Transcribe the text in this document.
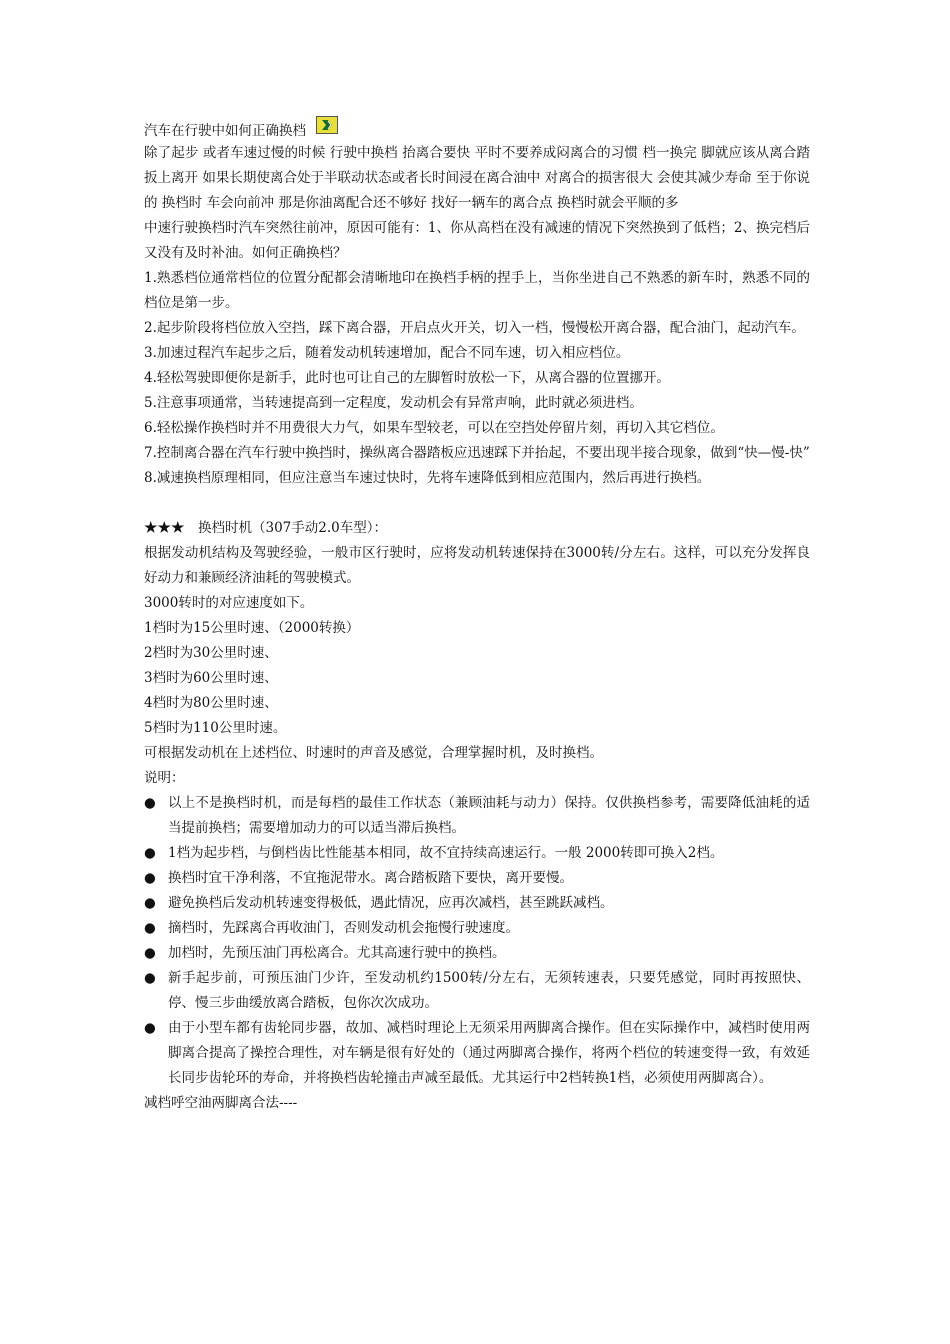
汽车在行驶中如何正确换档

除了起步 或者车速过慢的时候 行驶中换档 抬离合要快 平时不要养成闷离合的习惯 档一换完 脚就应该从离合踏扳上离开 如果长期使离合处于半联动状态或者长时间浸在离合油中 对离合的损害很大 会使其减少寿命 至于你说的 换档时 车会向前冲 那是你油离配合还不够好 找好一辆车的离合点 换档时就会平顺的多

中速行驶换档时汽车突然往前冲，原因可能有：1、你从高档在没有减速的情况下突然换到了低档；2、换完档后又没有及时补油。如何正确换档？

1.熟悉档位通常档位的位置分配都会清晰地印在换档手柄的捏手上，当你坐进自己不熟悉的新车时，熟悉不同的档位是第一步。

2.起步阶段将档位放入空挡，踩下离合器，开启点火开关，切入一档，慢慢松开离合器，配合油门，起动汽车。

3.加速过程汽车起步之后，随着发动机转速增加，配合不同车速，切入相应档位。

4.轻松驾驶即便你是新手，此时也可让自己的左脚暂时放松一下，从离合器的位置挪开。

5.注意事项通常，当转速提高到一定程度，发动机会有异常声响，此时就必须进档。

6.轻松操作换档时并不用费很大力气，如果车型较老，可以在空挡处停留片刻，再切入其它档位。

7.控制离合器在汽车行驶中换挡时，操纵离合器踏板应迅速踩下并抬起，不要出现半接合现象，做到“快—慢-快”

8.减速换档原理相同，但应注意当车速过快时，先将车速降低到相应范围内，然后再进行换档。

★★★　换档时机（307手动2.0车型）：

根据发动机结构及驾驶经验，一般市区行驶时，应将发动机转速保持在3000转/分左右。这样，可以充分发挥良好动力和兼顾经济油耗的驾驶模式。

3000转时的对应速度如下。

1档时为15公里时速、（2000转换）

2档时为30公里时速、

3档时为60公里时速、

4档时为80公里时速、

5档时为110公里时速。

可根据发动机在上述档位、时速时的声音及感觉，合理掌握时机，及时换档。

说明：

● 以上不是换档时机，而是每档的最佳工作状态（兼顾油耗与动力）保持。仅供换档参考，需要降低油耗的适当提前换档；需要增加动力的可以适当滞后换档。
● 1档为起步档，与倒档齿比性能基本相同，故不宜持续高速运行。一般 2000转即可换入2档。
● 换档时宜干净利落，不宜拖泥带水。离合踏板踏下要快，离开要慢。
● 避免换档后发动机转速变得极低，遇此情况，应再次减档，甚至跳跃减档。
● 摘档时，先踩离合再收油门，否则发动机会拖慢行驶速度。
● 加档时，先预压油门再松离合。尤其高速行驶中的换档。
● 新手起步前，可预压油门少许，至发动机约1500转/分左右，无须转速表，只要凭感觉，同时再按照快、停、慢三步曲缓放离合踏板，包你次次成功。
● 由于小型车都有齿轮同步器，故加、减档时理论上无须采用两脚离合操作。但在实际操作中，减档时使用两脚离合提高了操控合理性，对车辆是很有好处的（通过两脚离合操作，将两个档位的转速变得一致，有效延长同步齿轮环的寿命，并将换档齿轮撞击声减至最低。尤其运行中2档转换1档，必须使用两脚离合）。

减档呼空油两脚离合法----
